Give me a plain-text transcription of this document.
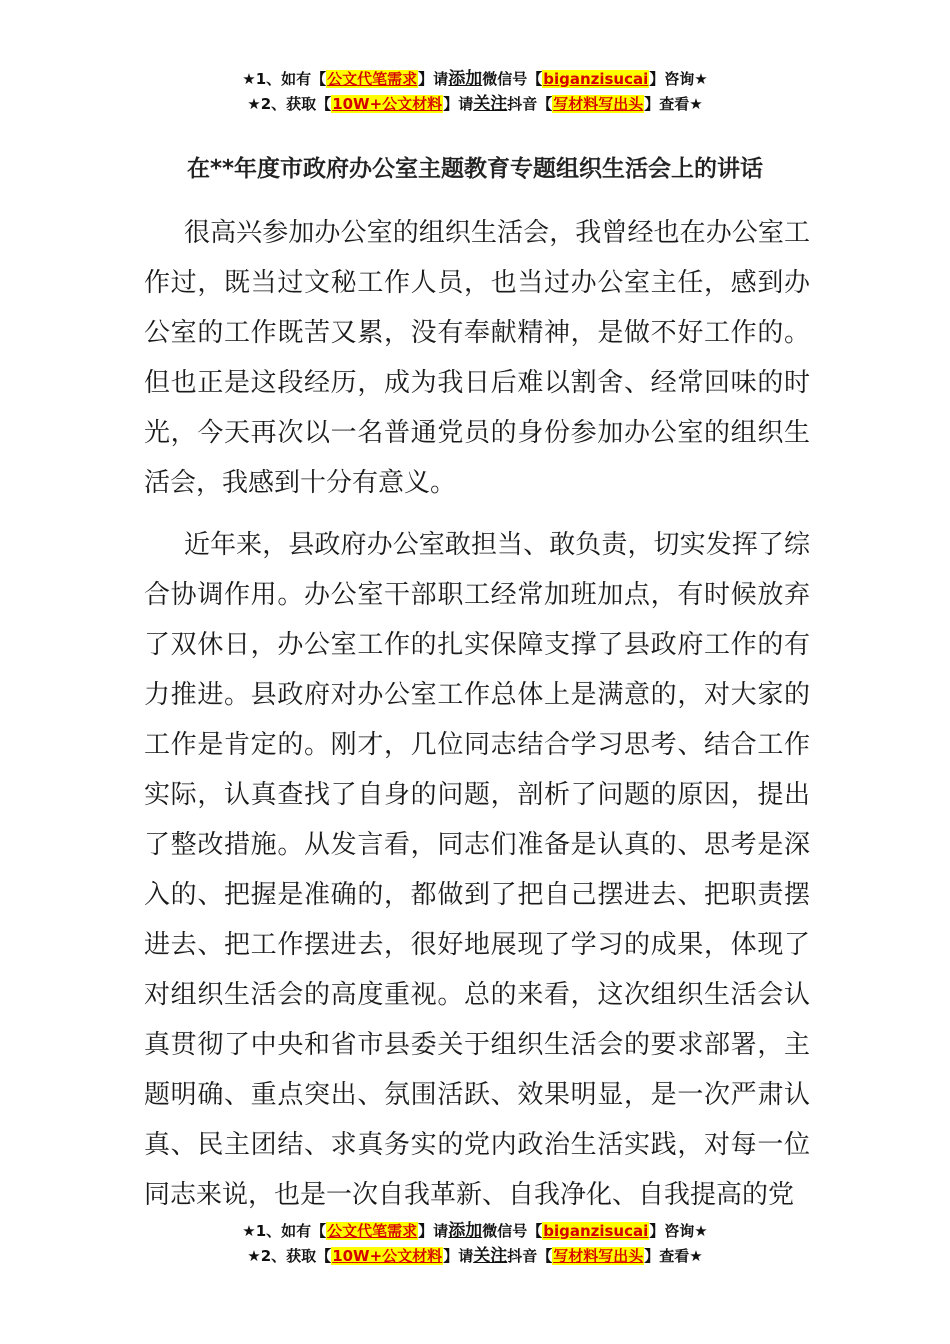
★1、如有【公文代笔需求】请添加微信号【biganzisucai】咨询★
★2、获取【10W+公文材料】请关注抖音【写材料写出头】查看★
在**年度市政府办公室主题教育专题组织生活会上的讲话

很高兴参加办公室的组织生活会，我曾经也在办公室工作过，既当过文秘工作人员，也当过办公室主任，感到办公室的工作既苦又累，没有奉献精神，是做不好工作的。但也正是这段经历，成为我日后难以割舍、经常回味的时光，今天再次以一名普通党员的身份参加办公室的组织生活会，我感到十分有意义。

近年来，县政府办公室敢担当、敢负责，切实发挥了综合协调作用。办公室干部职工经常加班加点，有时候放弃了双休日，办公室工作的扎实保障支撑了县政府工作的有力推进。县政府对办公室工作总体上是满意的，对大家的工作是肯定的。刚才，几位同志结合学习思考、结合工作实际，认真查找了自身的问题，剖析了问题的原因，提出了整改措施。从发言看，同志们准备是认真的、思考是深入的、把握是准确的，都做到了把自己摆进去、把职责摆进去、把工作摆进去，很好地展现了学习的成果，体现了对组织生活会的高度重视。总的来看，这次组织生活会认真贯彻了中央和省市县委关于组织生活会的要求部署，主题明确、重点突出、氛围活跃、效果明显，是一次严肃认真、民主团结、求真务实的党内政治生活实践，对每一位同志来说，也是一次自我革新、自我净化、自我提高的党

★1、如有【公文代笔需求】请添加微信号【biganzisucai】咨询★
★2、获取【10W+公文材料】请关注抖音【写材料写出头】查看★
